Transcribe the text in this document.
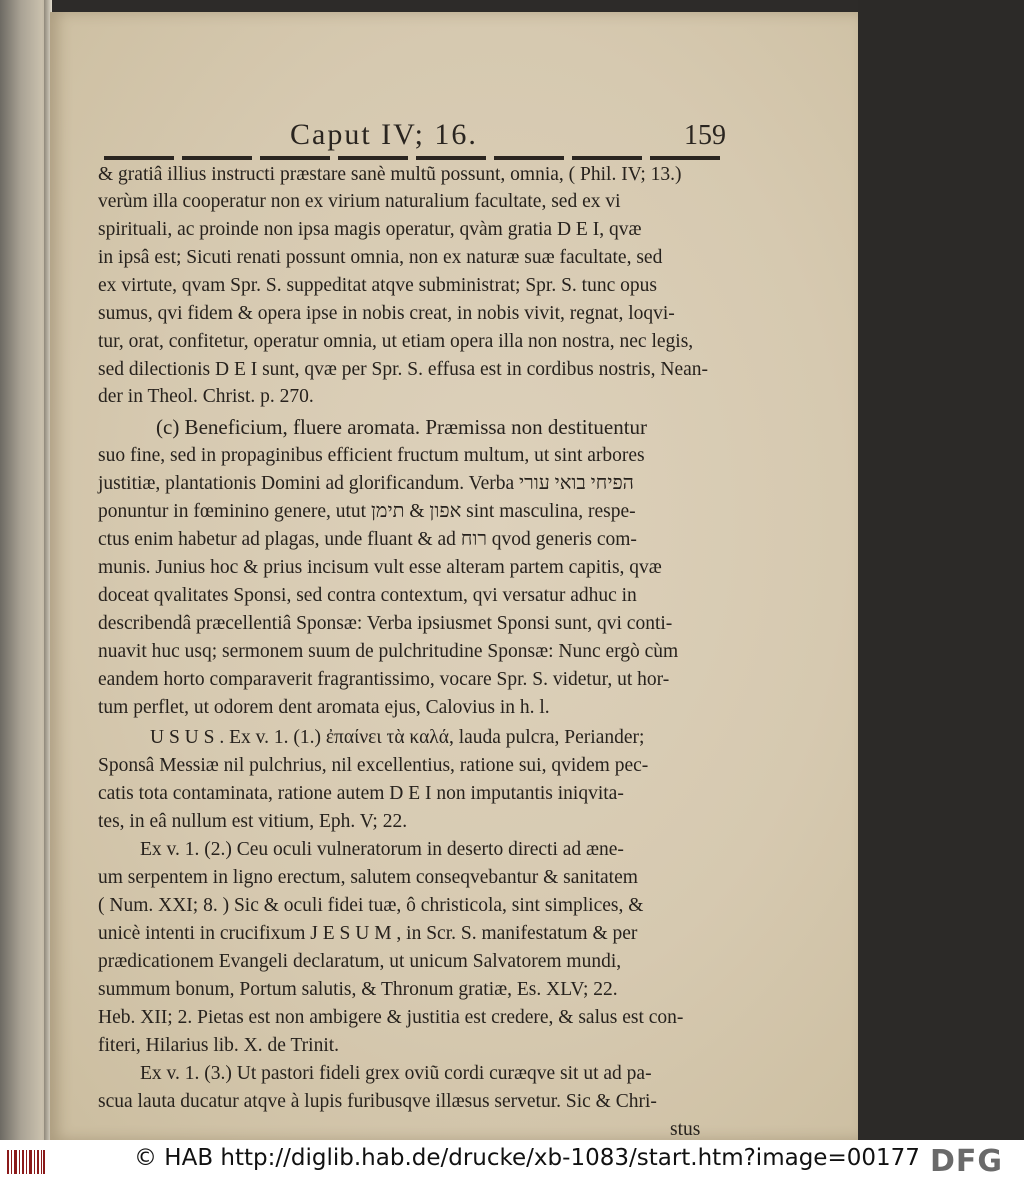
Caput IV; 16.	159
& gratiâ illius instructi præstare sanè multũ possunt, omnia, ( Phil. IV; 13.)
verùm illa cooperatur non ex virium naturalium facultate, sed ex vi
spirituali, ac proinde non ipsa magis operatur, qvàm gratia D E I, qvæ
in ipsâ est; Sicuti renati possunt omnia, non ex naturæ suæ facultate, sed
ex virtute, qvam Spr. S. suppeditat atqve subministrat; Spr. S. tunc opus
sumus, qvi fidem & opera ipse in nobis creat, in nobis vivit, regnat, loqvi-
tur, orat, confitetur, operatur omnia, ut etiam opera illa non nostra, nec legis,
sed dilectionis D E I sunt, qvæ per Spr. S. effusa est in cordibus nostris, Nean-
der in Theol. Christ. p. 270.
(c) Beneficium, fluere aromata. Præmissa non destituentur
suo fine, sed in propaginibus efficient fructum multum, ut sint arbores
justitiæ, plantationis Domini ad glorificandum. Verba הפיחי בואי עורי
ponuntur in fœminino genere, utut אפון & תימן sint masculina, respe-
ctus enim habetur ad plagas, unde fluant & ad רוח qvod generis com-
munis. Junius hoc & prius incisum vult esse alteram partem capitis, qvæ
doceat qvalitates Sponsi, sed contra contextum, qvi versatur adhuc in
describendâ præcellentiâ Sponsæ: Verba ipsiusmet Sponsi sunt, qvi conti-
nuavit huc usq; sermonem suum de pulchritudine Sponsæ: Nunc ergò cùm
eandem horto comparaverit fragrantissimo, vocare Spr. S. videtur, ut hor-
tum perflet, ut odorem dent aromata ejus, Calovius in h. l.
U S U S . Ex v. 1. (1.) ἐπαίνει τὰ καλά, lauda pulcra, Periander;
Sponsâ Messiæ nil pulchrius, nil excellentius, ratione sui, qvidem pec-
catis tota contaminata, ratione autem D E I non imputantis iniqvita-
tes, in eâ nullum est vitium, Eph. V; 22.
Ex v. 1. (2.) Ceu oculi vulneratorum in deserto directi ad æne-
um serpentem in ligno erectum, salutem conseqvebantur & sanitatem
( Num. XXI; 8. ) Sic & oculi fidei tuæ, ô christicola, sint simplices, &
unicè intenti in crucifixum J E S U M , in Scr. S. manifestatum & per
prædicationem Evangeli declaratum, ut unicum Salvatorem mundi,
summum bonum, Portum salutis, & Thronum gratiæ, Es. XLV; 22.
Heb. XII; 2. Pietas est non ambigere & justitia est credere, & salus est con-
fiteri, Hilarius lib. X. de Trinit.
Ex v. 1. (3.) Ut pastori fideli grex oviũ cordi curæqve sit ut ad pa-
scua lauta ducatur atqve à lupis furibusqve illæsus servetur. Sic & Chri-
stus
© HAB http://diglib.hab.de/drucke/xb-1083/start.htm?image=00177 DFG
